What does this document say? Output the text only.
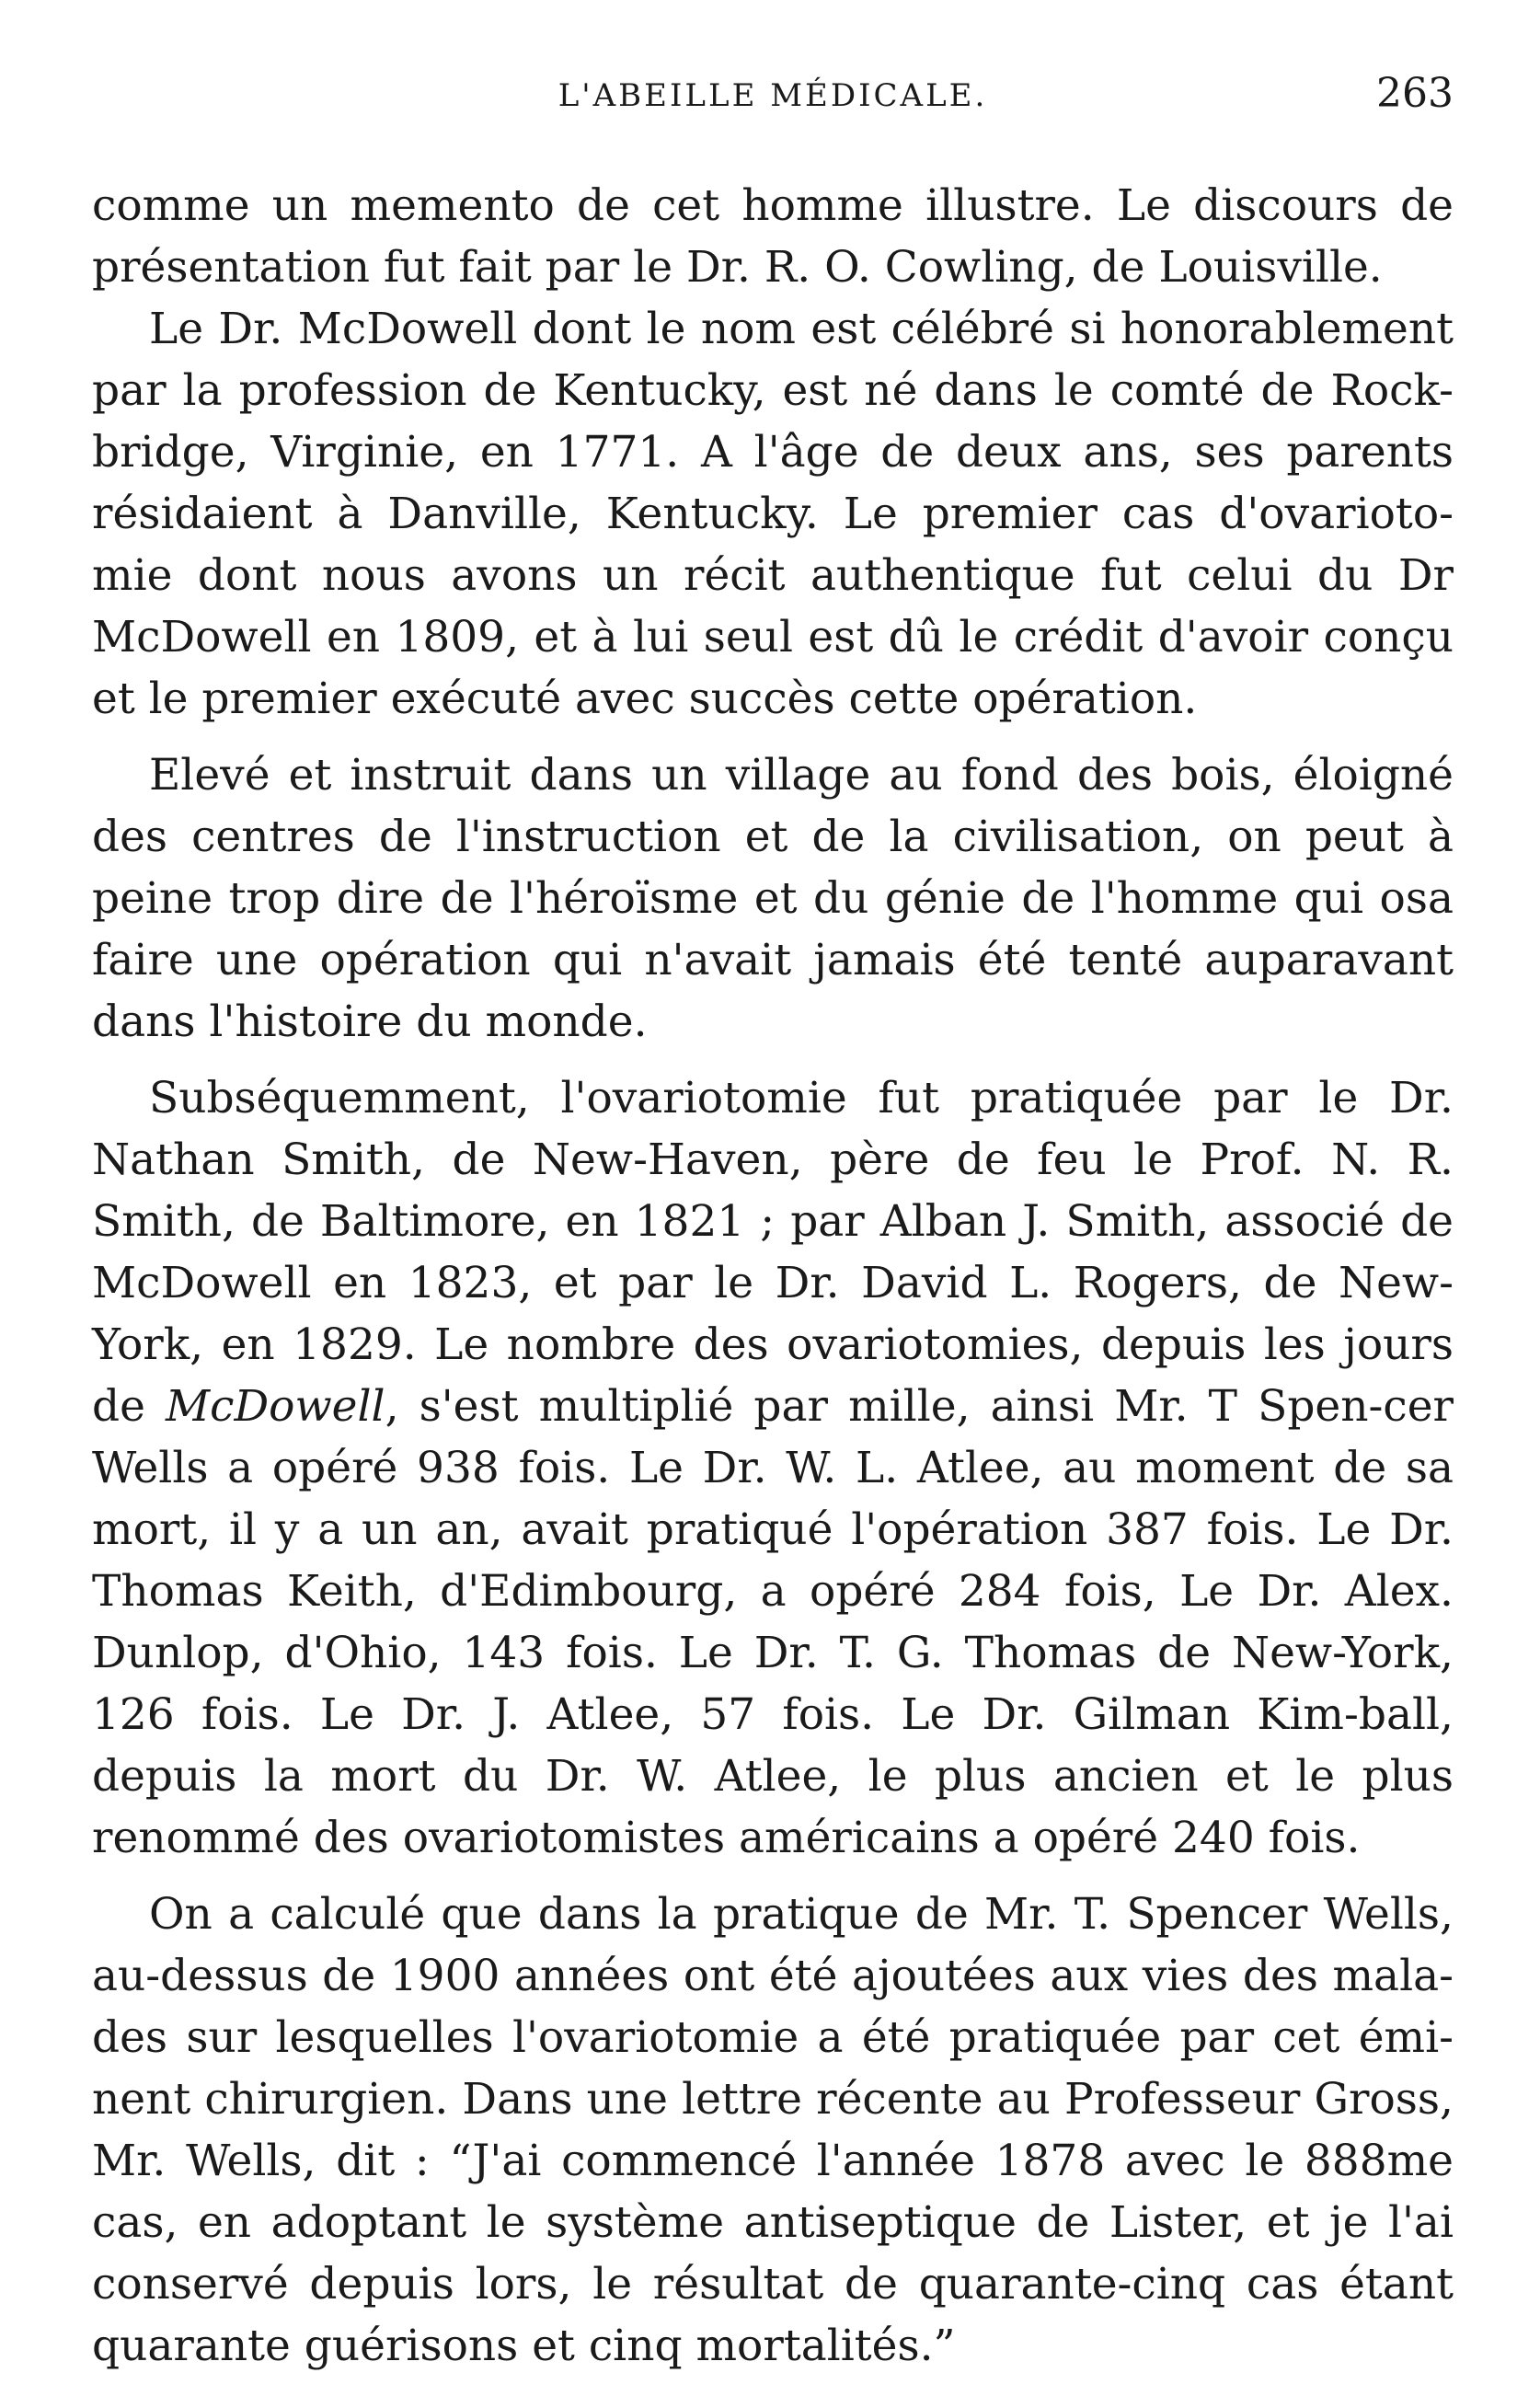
L'ABEILLE MÉDICALE.	263

comme un memento de cet homme illustre. Le discours de présentation fut fait par le Dr. R. O. Cowling, de Louisville.

Le Dr. McDowell dont le nom est célébré si honorablement par la profession de Kentucky, est né dans le comté de Rock-bridge, Virginie, en 1771. A l'âge de deux ans, ses parents résidaient à Danville, Kentucky. Le premier cas d'ovarioto-mie dont nous avons un récit authentique fut celui du Dr McDowell en 1809, et à lui seul est dû le crédit d'avoir conçu et le premier exécuté avec succès cette opération.

Elevé et instruit dans un village au fond des bois, éloigné des centres de l'instruction et de la civilisation, on peut à peine trop dire de l'héroïsme et du génie de l'homme qui osa faire une opération qui n'avait jamais été tenté auparavant dans l'histoire du monde.

Subséquemment, l'ovariotomie fut pratiquée par le Dr. Nathan Smith, de New-Haven, père de feu le Prof. N. R. Smith, de Baltimore, en 1821 ; par Alban J. Smith, associé de McDowell en 1823, et par le Dr. David L. Rogers, de New-York, en 1829. Le nombre des ovariotomies, depuis les jours de McDowell, s'est multiplié par mille, ainsi Mr. T Spen-cer Wells a opéré 938 fois. Le Dr. W. L. Atlee, au moment de sa mort, il y a un an, avait pratiqué l'opération 387 fois. Le Dr. Thomas Keith, d'Edimbourg, a opéré 284 fois, Le Dr. Alex. Dunlop, d'Ohio, 143 fois. Le Dr. T. G. Thomas de New-York, 126 fois. Le Dr. J. Atlee, 57 fois. Le Dr. Gilman Kim-ball, depuis la mort du Dr. W. Atlee, le plus ancien et le plus renommé des ovariotomistes américains a opéré 240 fois.

On a calculé que dans la pratique de Mr. T. Spencer Wells, au-dessus de 1900 années ont été ajoutées aux vies des mala-des sur lesquelles l'ovariotomie a été pratiquée par cet émi-nent chirurgien. Dans une lettre récente au Professeur Gross, Mr. Wells, dit : “J'ai commencé l'année 1878 avec le 888me cas, en adoptant le système antiseptique de Lister, et je l'ai conservé depuis lors, le résultat de quarante-cinq cas étant quarante guérisons et cinq mortalités.”
